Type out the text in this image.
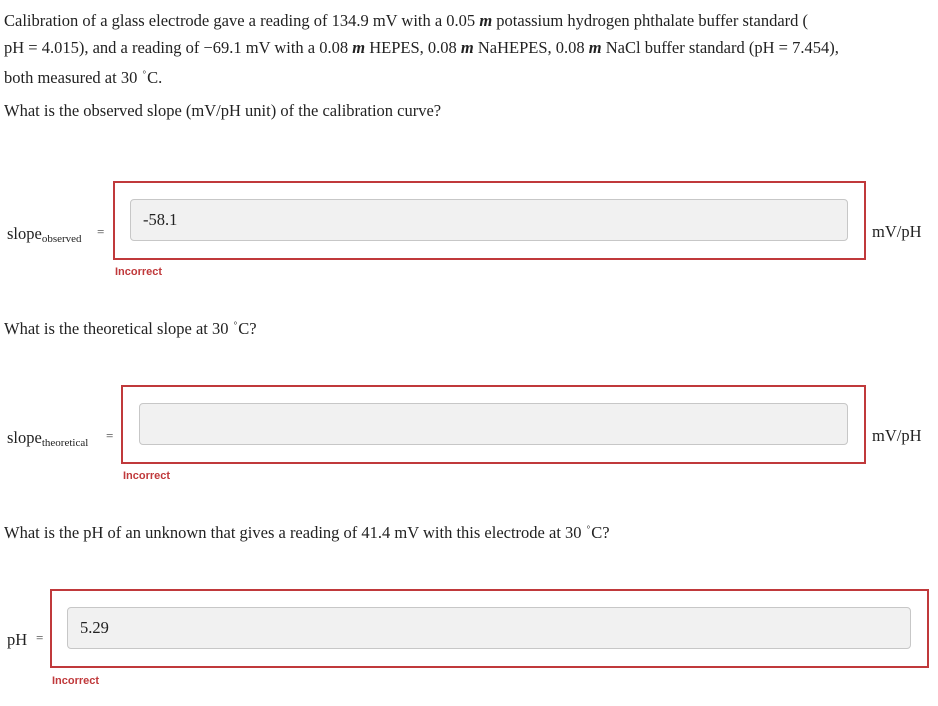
Calibration of a glass electrode gave a reading of 134.9 mV with a 0.05 m potassium hydrogen phthalate buffer standard (
pH = 4.015), and a reading of −69.1 mV with a 0.08 m HEPES, 0.08 m NaHEPES, 0.08 m NaCl buffer standard (pH = 7.454),
both measured at 30 °C.
What is the observed slope (mV/pH unit) of the calibration curve?
slope$_{observed}$ =
-58.1
Incorrect
mV/pH
What is the theoretical slope at 30 °C?
slope$_{theoretical}$ =
Incorrect
mV/pH
What is the pH of an unknown that gives a reading of 41.4 mV with this electrode at 30 °C?
pH =
5.29
Incorrect
